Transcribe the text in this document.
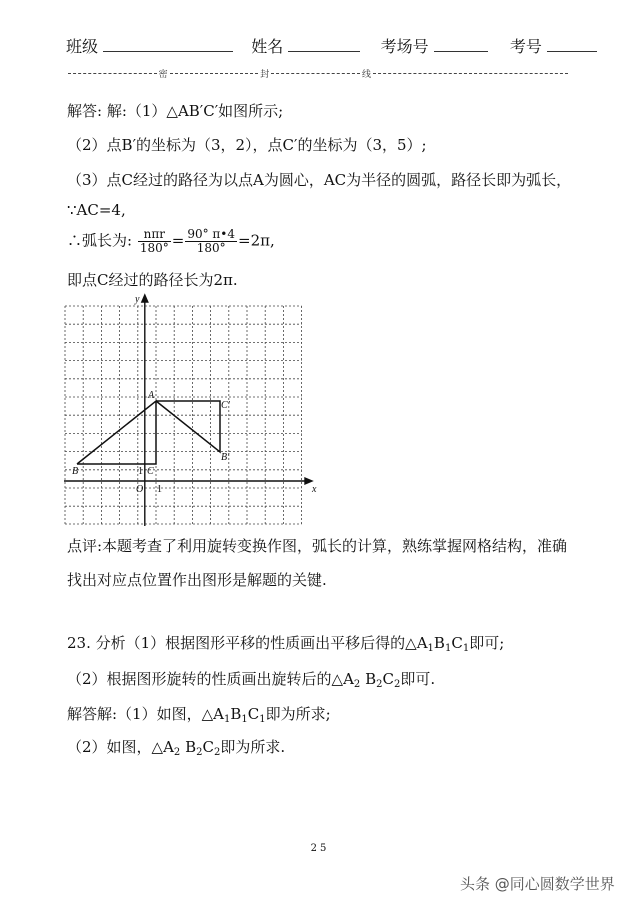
班级	姓名	考场号	考号
密	封	线
解答: 解:（1）△AB′C′如图所示;
（2）点B′的坐标为（3，2），点C′的坐标为（3，5）;
（3）点C经过的路径为以点A为圆心，AC为半径的圆弧，路径长即为弧长，
∵AC=4,
∴弧长为: $\frac{\text{nπr}}{180^\circ} = \frac{90^\circ \pi•4}{180^\circ} =2\pi$,
即点C经过的路径长为2π.
x
y
O
A
B	C
B′
C′
1
1
点评:本题考查了利用旋转变换作图，弧长的计算，熟练掌握网格结构，准确
找出对应点位置作出图形是解题的关键.
23. 分析（1）根据图形平移的性质画出平移后得的$\triangle A_1B_1C_1$即可;
（2）根据图形旋转的性质画出旋转后的$\triangle A_2$ $B_2C_2$即可.
解答解:（1）如图，$\triangle A_1B_1C_1$即为所求;
（2）如图，$\triangle A_2$ $B_2C_2$即为所求.
25
头条 @同心圆数学世界
